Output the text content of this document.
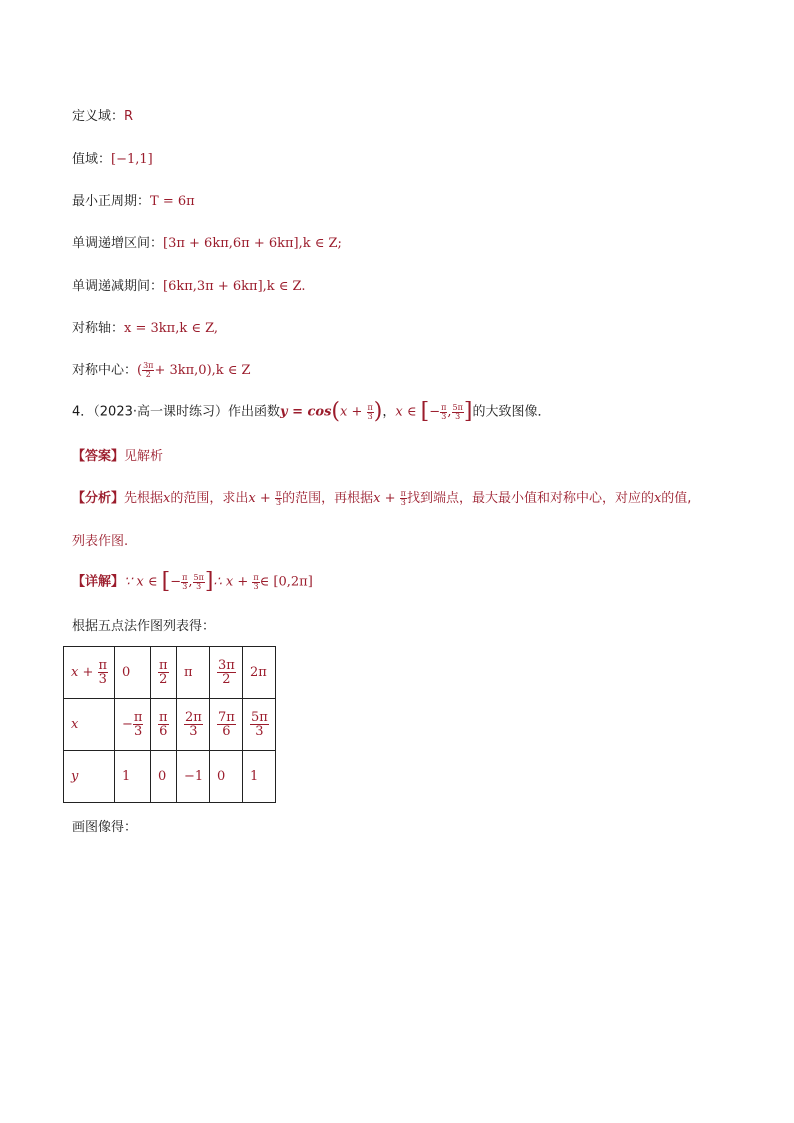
定义域：R
值域：[−1,1]
最小正周期：T = 6π
单调递增区间：[3π + 6kπ,6π + 6kπ],k ∈ Z;
单调递减期间：[6kπ,3π + 6kπ],k ∈ Z.
对称轴：x = 3kπ,k ∈ Z,
对称中心：( $\frac{3\pi}{2} + 3k\pi,0),k$ ∈ Z
4．（2023·高一课时练习）作出函数$y = \cos(x + \frac{\pi}{3}$ )，x ∈ [− $\frac{\pi}{3}$ , $\frac{5\pi}{3}$ ]的大致图像．
【答案】见解析
【分析】先根据x的范围，求出$x + \frac{\pi}{3}$ 的范围，再根据$x + \frac{\pi}{3}$ 找到端点，最大最小值和对称中心，对应的x的值,
列表作图.
【详解】∵ x ∈ [− $\frac{\pi}{3}$ , $\frac{5\pi}{3}$ ]∴ $x + \frac{\pi}{3}$ ∈ [0,2π]
根据五点法作图列表得：
$x + \frac{\pi}{3}$	0	$\frac{\pi}{2}$	π	$\frac{3\pi}{2}$	2π
x	− $\frac{\pi}{3}$	$\frac{\pi}{6}$	$\frac{2\pi}{3}$	$\frac{7\pi}{6}$	$\frac{5\pi}{3}$

y	1	0	−1	0	1
画图像得：
